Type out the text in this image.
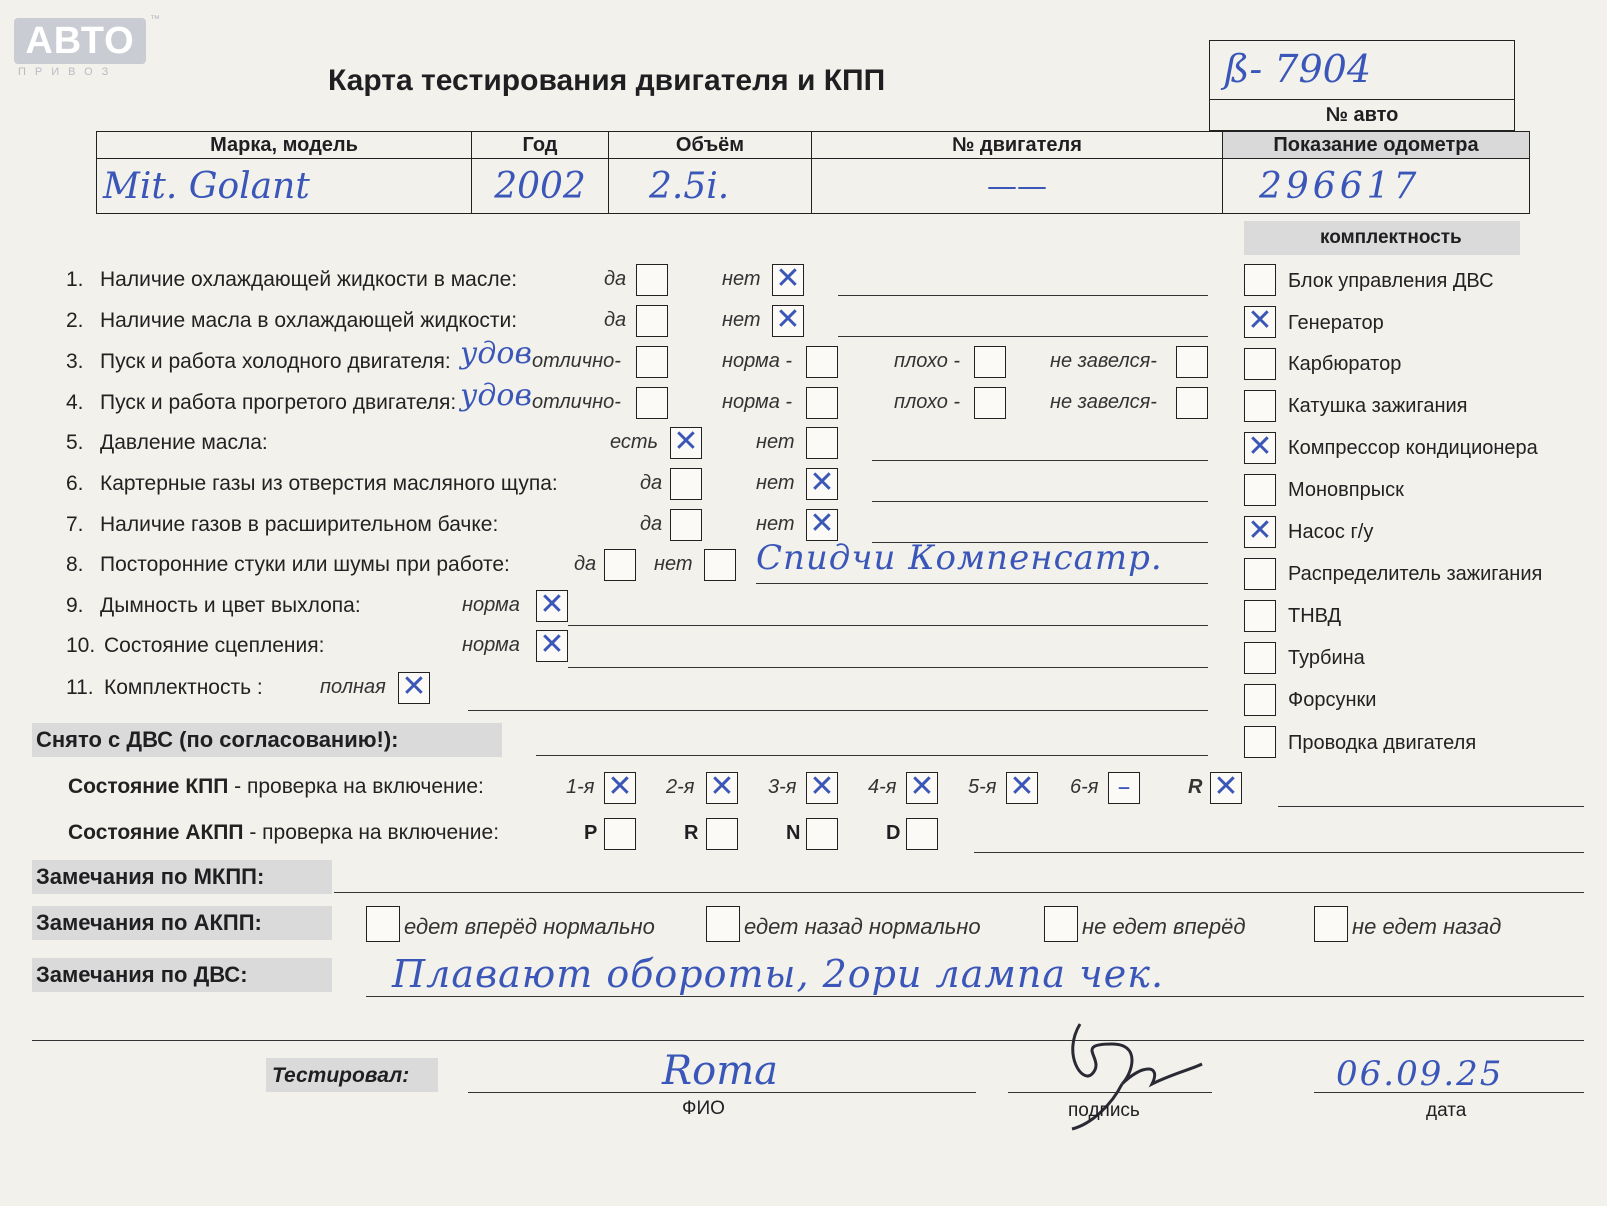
АВТО
ПРИВОЗ
™
Карта тестирования двигателя и КПП	ß- 7904
№ авто
Марка, модель	Год	Объём	№ двигателя	Показание одометра
Mit. Golant	2002	2.5i.	——	296617
комплектность
1. Наличие охлаждающей жидкости в масле:	да	нет ✕
2. Наличие масла в охлаждающей жидкости:	да	нет ✕
3. Пуск и работа холодного двигателя: удов отлично-	норма -	плохо -	не завелся-
4. Пуск и работа прогретого двигателя: удов отлично-	норма -	плохо -	не завелся-
5. Давление масла:	есть ✕	нет
6. Картерные газы из отверстия масляного щупа:	да	нет ✕
7. Наличие газов в расширительном бачке:	да	нет ✕
8. Посторонние стуки или шумы при работе:	да	нет Спидчи Компенсатр.
9. Дымность и цвет выхлопа:	норма ✕
10. Состояние сцепления:	норма ✕
11. Комплектность :	полная ✕
Блок управления ДВС
✕ Генератор
Карбюратор
Катушка зажигания
✕ Компрессор кондиционера
Моновпрыск
✕ Насос г/у
Распределитель зажигания
ТНВД
Турбина
Форсунки
Проводка двигателя
Снято с ДВС (по согласованию!):
Состояние КПП - проверка на включение:	1-я ✕ 2-я ✕ 3-я ✕ 4-я ✕ 5-я ✕ 6-я –	R ✕
Состояние АКПП - проверка на включение:	P	R	N	D
Замечания по МКПП:
Замечания по АКПП:	едет вперёд нормально	едет назад нормально	не едет вперёд	не едет назад
Замечания по ДВС:	Плавают обороты, 2ори лампа чек.
Тестировал:	Roma
ФИО	подпись
06.09.25
дата
